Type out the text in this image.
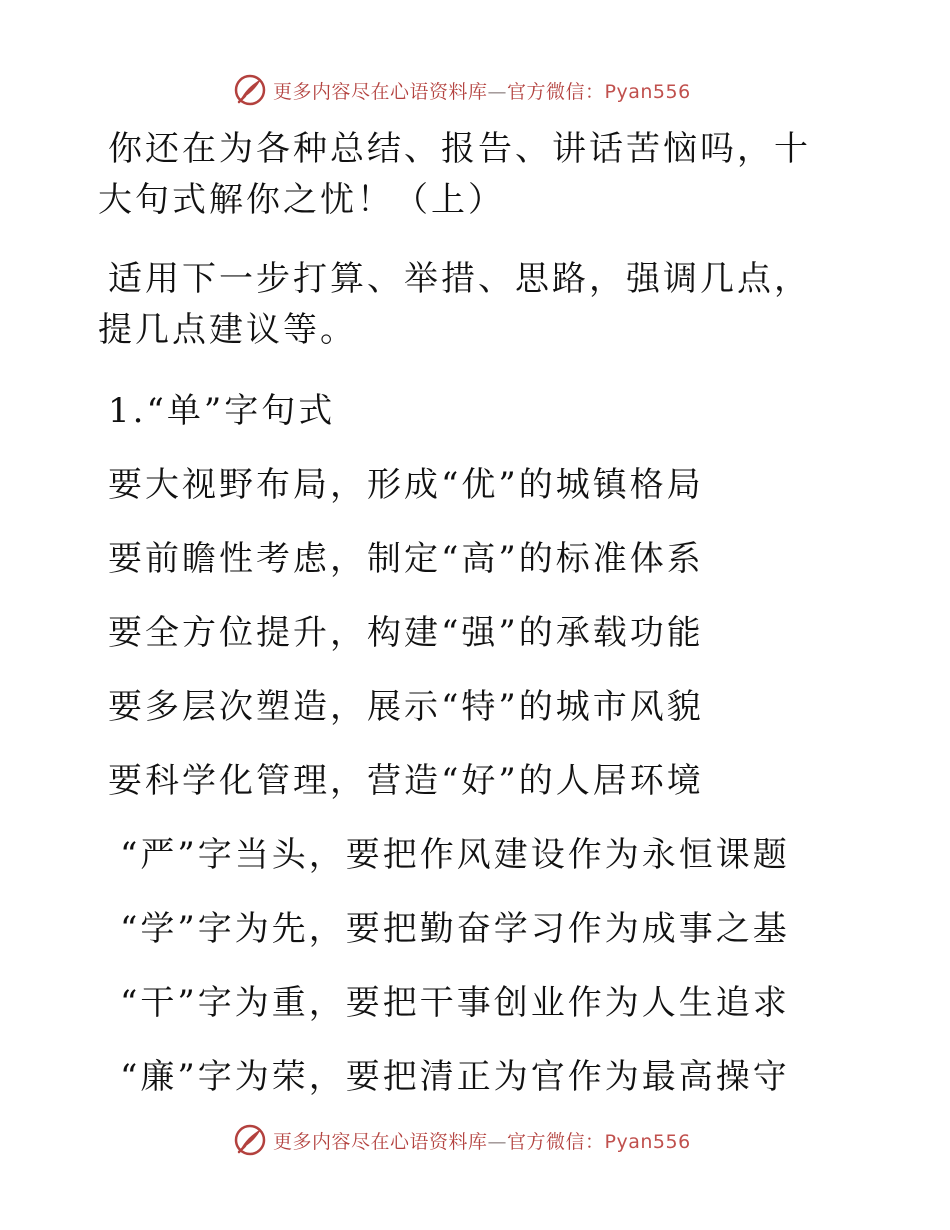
更多内容尽在心语资料库—官方微信：Pyan556

你还在为各种总结、报告、讲话苦恼吗，十大句式解你之忧！（上）

适用下一步打算、举措、思路，强调几点，提几点建议等。

1.“单”字句式
要大视野布局，形成“优”的城镇格局
要前瞻性考虑，制定“高”的标准体系
要全方位提升，构建“强”的承载功能
要多层次塑造，展示“特”的城市风貌
要科学化管理，营造“好”的人居环境
“严”字当头，要把作风建设作为永恒课题
“学”字为先，要把勤奋学习作为成事之基
“干”字为重，要把干事创业作为人生追求
“廉”字为荣，要把清正为官作为最高操守
更多内容尽在心语资料库—官方微信：Pyan556
